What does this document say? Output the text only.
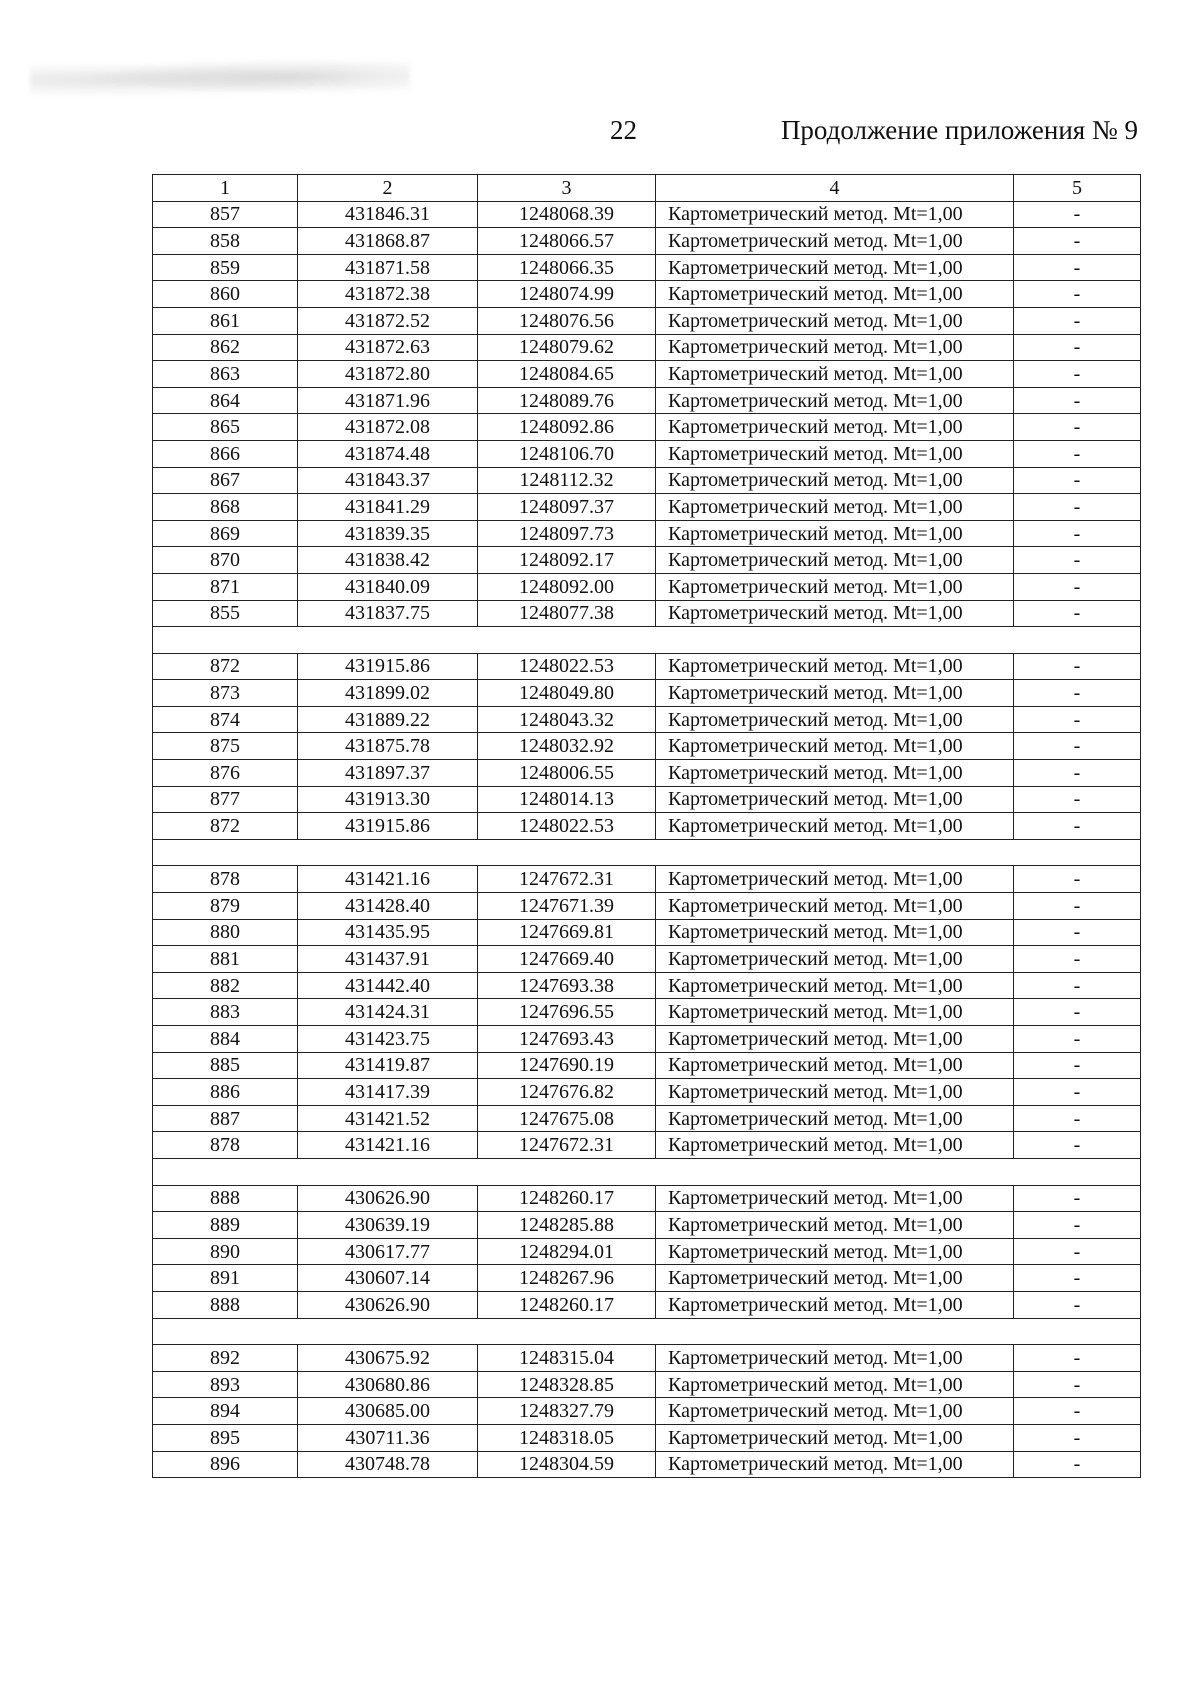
22	Продолжение приложения № 9
1	2	3	4	5
857	431846.31	1248068.39	Картометрический метод. Mt=1,00	-
858	431868.87	1248066.57	Картометрический метод. Mt=1,00	-
859	431871.58	1248066.35	Картометрический метод. Mt=1,00	-
860	431872.38	1248074.99	Картометрический метод. Mt=1,00	-
861	431872.52	1248076.56	Картометрический метод. Mt=1,00	-
862	431872.63	1248079.62	Картометрический метод. Mt=1,00	-
863	431872.80	1248084.65	Картометрический метод. Mt=1,00	-
864	431871.96	1248089.76	Картометрический метод. Mt=1,00	-
865	431872.08	1248092.86	Картометрический метод. Mt=1,00	-
866	431874.48	1248106.70	Картометрический метод. Mt=1,00	-
867	431843.37	1248112.32	Картометрический метод. Mt=1,00	-
868	431841.29	1248097.37	Картометрический метод. Mt=1,00	-
869	431839.35	1248097.73	Картометрический метод. Mt=1,00	-
870	431838.42	1248092.17	Картометрический метод. Mt=1,00	-
871	431840.09	1248092.00	Картометрический метод. Mt=1,00	-
855	431837.75	1248077.38	Картометрический метод. Mt=1,00	-

872	431915.86	1248022.53	Картометрический метод. Mt=1,00	-
873	431899.02	1248049.80	Картометрический метод. Mt=1,00	-
874	431889.22	1248043.32	Картометрический метод. Mt=1,00	-
875	431875.78	1248032.92	Картометрический метод. Mt=1,00	-
876	431897.37	1248006.55	Картометрический метод. Mt=1,00	-
877	431913.30	1248014.13	Картометрический метод. Mt=1,00	-
872	431915.86	1248022.53	Картометрический метод. Mt=1,00	-

878	431421.16	1247672.31	Картометрический метод. Mt=1,00	-
879	431428.40	1247671.39	Картометрический метод. Mt=1,00	-
880	431435.95	1247669.81	Картометрический метод. Mt=1,00	-
881	431437.91	1247669.40	Картометрический метод. Mt=1,00	-
882	431442.40	1247693.38	Картометрический метод. Mt=1,00	-
883	431424.31	1247696.55	Картометрический метод. Mt=1,00	-
884	431423.75	1247693.43	Картометрический метод. Mt=1,00	-
885	431419.87	1247690.19	Картометрический метод. Mt=1,00	-
886	431417.39	1247676.82	Картометрический метод. Mt=1,00	-
887	431421.52	1247675.08	Картометрический метод. Mt=1,00	-
878	431421.16	1247672.31	Картометрический метод. Mt=1,00	-

888	430626.90	1248260.17	Картометрический метод. Mt=1,00	-
889	430639.19	1248285.88	Картометрический метод. Mt=1,00	-
890	430617.77	1248294.01	Картометрический метод. Mt=1,00	-
891	430607.14	1248267.96	Картометрический метод. Mt=1,00	-
888	430626.90	1248260.17	Картометрический метод. Mt=1,00	-

892	430675.92	1248315.04	Картометрический метод. Mt=1,00	-
893	430680.86	1248328.85	Картометрический метод. Mt=1,00	-
894	430685.00	1248327.79	Картометрический метод. Mt=1,00	-
895	430711.36	1248318.05	Картометрический метод. Mt=1,00	-
896	430748.78	1248304.59	Картометрический метод. Mt=1,00	-
